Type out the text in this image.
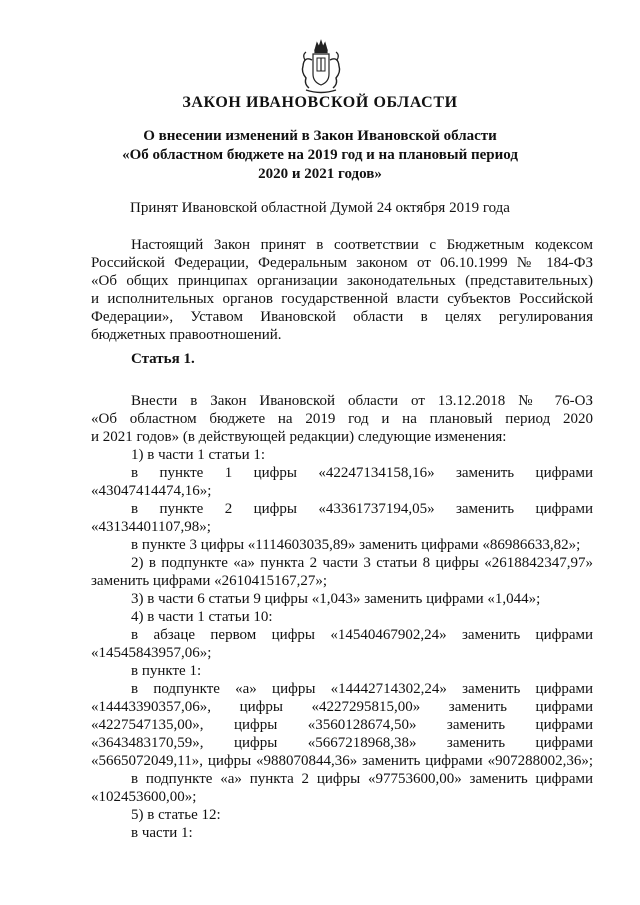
ЗАКОН ИВАНОВСКОЙ ОБЛАСТИ
О внесении изменений в Закон Ивановской области
«Об областном бюджете на 2019 год и на плановый период
2020 и 2021 годов»
Принят Ивановской областной Думой 24 октября 2019 года
Настоящий Закон принят в соответствии с Бюджетным кодексом
Российской Федерации, Федеральным законом от 06.10.1999 № 184-ФЗ
«Об общих принципах организации законодательных (представительных)
и исполнительных органов государственной власти субъектов Российской
Федерации», Уставом Ивановской области в целях регулирования
бюджетных правоотношений.
Статья 1.
Внести в Закон Ивановской области от 13.12.2018 № 76-ОЗ
«Об областном бюджете на 2019 год и на плановый период 2020
и 2021 годов» (в действующей редакции) следующие изменения:
1) в части 1 статьи 1:
в пункте 1 цифры «42247134158,16» заменить цифрами
«43047414474,16»;
в пункте 2 цифры «43361737194,05» заменить цифрами
«43134401107,98»;
в пункте 3 цифры «1114603035,89» заменить цифрами «86986633,82»;
2) в подпункте «а» пункта 2 части 3 статьи 8 цифры «2618842347,97»
заменить цифрами «2610415167,27»;
3) в части 6 статьи 9 цифры «1,043» заменить цифрами «1,044»;
4) в части 1 статьи 10:
в абзаце первом цифры «14540467902,24» заменить цифрами
«14545843957,06»;
в пункте 1:
в подпункте «а» цифры «14442714302,24» заменить цифрами
«14443390357,06», цифры «4227295815,00» заменить цифрами
«4227547135,00», цифры «3560128674,50» заменить цифрами
«3643483170,59», цифры «5667218968,38» заменить цифрами
«5665072049,11», цифры «988070844,36» заменить цифрами «907288002,36»;
в подпункте «а» пункта 2 цифры «97753600,00» заменить цифрами
«102453600,00»;
5) в статье 12:
в части 1:
